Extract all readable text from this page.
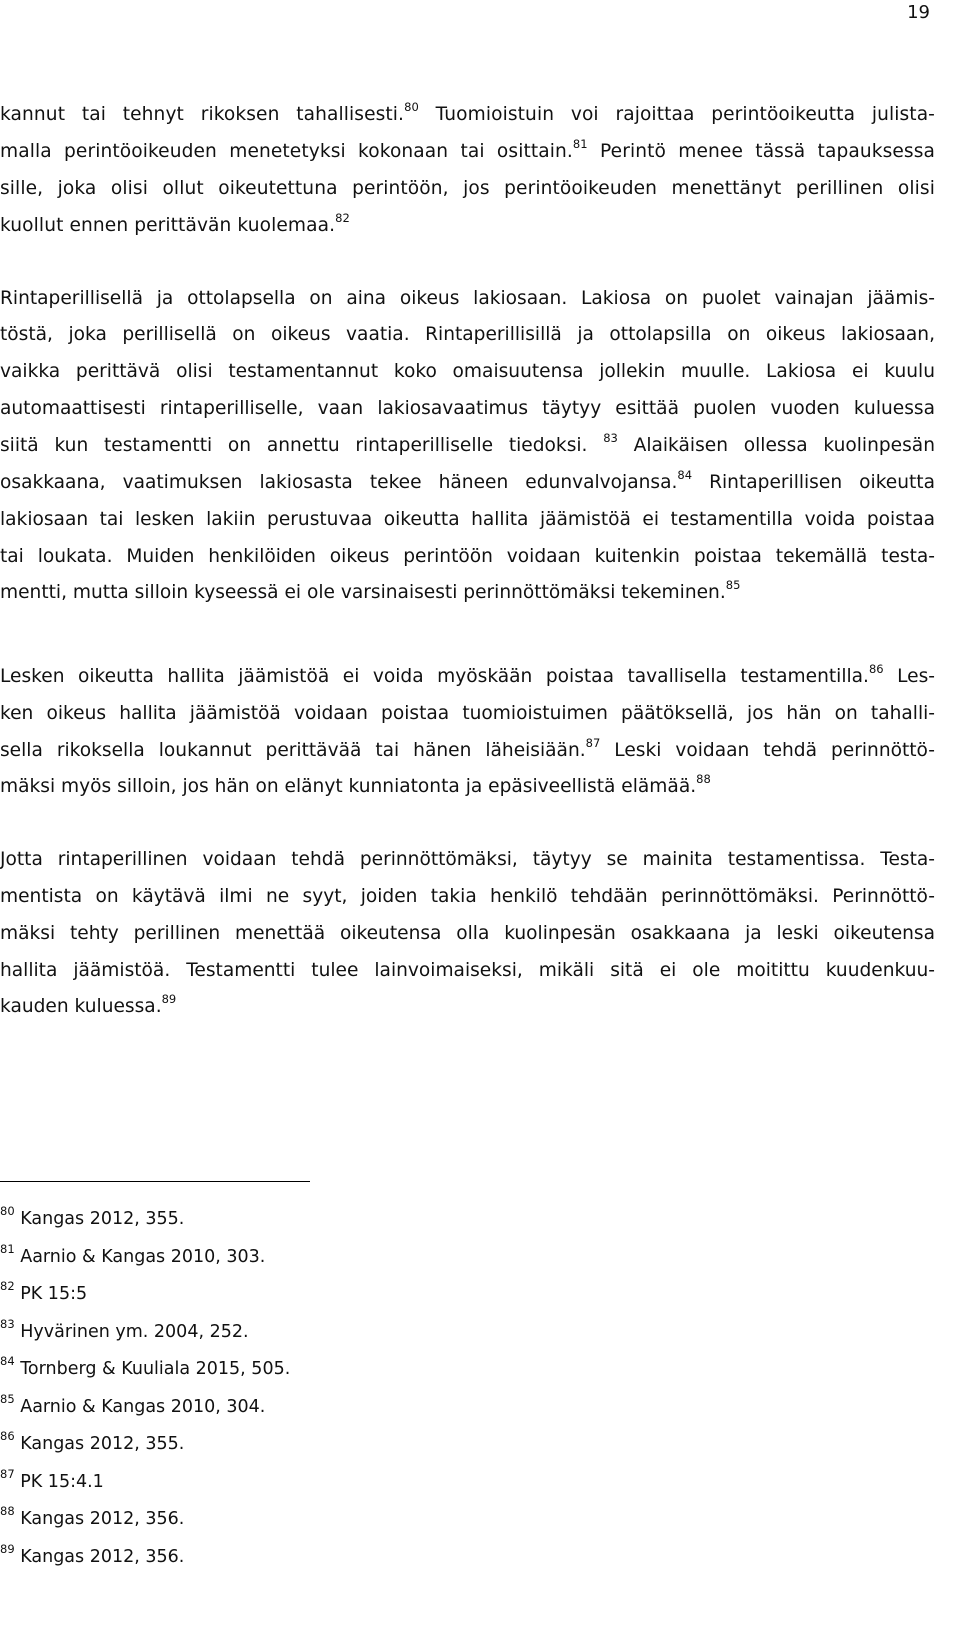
19
kannut tai tehnyt rikoksen tahallisesti.$^{80}$ Tuomioistuin voi rajoittaa perintöoikeutta julista-
malla perintöoikeuden menetetyksi kokonaan tai osittain.$^{81}$ Perintö menee tässä tapauksessa
sille, joka olisi ollut oikeutettuna perintöön, jos perintöoikeuden menettänyt perillinen olisi
kuollut ennen perittävän kuolemaa.$^{82}$
Rintaperillisellä ja ottolapsella on aina oikeus lakiosaan. Lakiosa on puolet vainajan jäämis-
töstä, joka perillisellä on oikeus vaatia. Rintaperillisillä ja ottolapsilla on oikeus lakiosaan,
vaikka perittävä olisi testamentannut koko omaisuutensa jollekin muulle. Lakiosa ei kuulu
automaattisesti rintaperilliselle, vaan lakiosavaatimus täytyy esittää puolen vuoden kuluessa
siitä kun testamentti on annettu rintaperilliselle tiedoksi. $^{83}$ Alaikäisen ollessa kuolinpesän
osakkaana, vaatimuksen lakiosasta tekee häneen edunvalvojansa.$^{84}$ Rintaperillisen oikeutta
lakiosaan tai lesken lakiin perustuvaa oikeutta hallita jäämistöä ei testamentilla voida poistaa
tai loukata. Muiden henkilöiden oikeus perintöön voidaan kuitenkin poistaa tekemällä testa-
mentti, mutta silloin kyseessä ei ole varsinaisesti perinnöttömäksi tekeminen.$^{85}$
Lesken oikeutta hallita jäämistöä ei voida myöskään poistaa tavallisella testamentilla.$^{86}$ Les-
ken oikeus hallita jäämistöä voidaan poistaa tuomioistuimen päätöksellä, jos hän on tahalli-
sella rikoksella loukannut perittävää tai hänen läheisiään.$^{87}$ Leski voidaan tehdä perinnöttö-
mäksi myös silloin, jos hän on elänyt kunniatonta ja epäsiveellistä elämää.$^{88}$
Jotta rintaperillinen voidaan tehdä perinnöttömäksi, täytyy se mainita testamentissa. Testa-
mentista on käytävä ilmi ne syyt, joiden takia henkilö tehdään perinnöttömäksi. Perinnöttö-
mäksi tehty perillinen menettää oikeutensa olla kuolinpesän osakkaana ja leski oikeutensa
hallita jäämistöä. Testamentti tulee lainvoimaiseksi, mikäli sitä ei ole moitittu kuudenkuu-
kauden kuluessa.$^{89}$
$^{80}$ Kangas 2012, 355.
$^{81}$ Aarnio & Kangas 2010, 303.
$^{82}$ PK 15:5
$^{83}$ Hyvärinen ym. 2004, 252.
$^{84}$ Tornberg & Kuuliala 2015, 505.
$^{85}$ Aarnio & Kangas 2010, 304.
$^{86}$ Kangas 2012, 355.
$^{87}$ PK 15:4.1
$^{88}$ Kangas 2012, 356.
$^{89}$ Kangas 2012, 356.
